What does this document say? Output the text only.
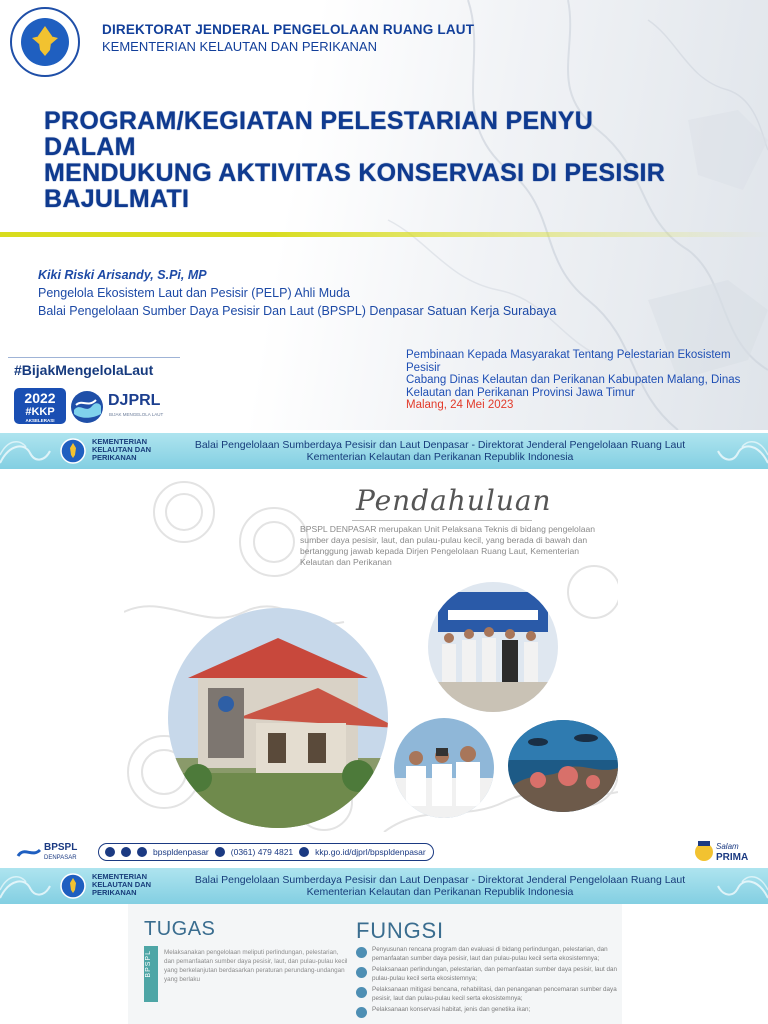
DIREKTORAT JENDERAL PENGELOLAAN RUANG LAUT
KEMENTERIAN KELAUTAN DAN PERIKANAN
PROGRAM/KEGIATAN PELESTARIAN PENYU DALAM
MENDUKUNG AKTIVITAS KONSERVASI DI PESISIR
BAJULMATI
Kiki Riski Arisandy, S.Pi, MP
Pengelola Ekosistem Laut dan Pesisir (PELP) Ahli Muda
Balai Pengelolaan Sumber Daya Pesisir Dan Laut (BPSPL) Denpasar Satuan Kerja Surabaya
#BijakMengelolaLaut
2022
#KKP
AKSELERASI
DJPRL
BIJAK MENGELOLA LAUT
Pembinaan Kepada Masyarakat Tentang Pelestarian Ekosistem
Pesisir
Cabang Dinas Kelautan dan Perikanan Kabupaten Malang, Dinas
Kelautan dan Perikanan Provinsi Jawa Timur
Malang, 24 Mei 2023
KEMENTERIAN
KELAUTAN DAN
PERIKANAN
Balai Pengelolaan Sumberdaya Pesisir dan Laut Denpasar - Direktorat Jenderal Pengelolaan Ruang Laut
Kementerian Kelautan dan Perikanan Republik Indonesia
Pendahuluan
BPSPL DENPASAR merupakan Unit Pelaksana Teknis di bidang pengelolaan sumber daya pesisir, laut, dan pulau-pulau kecil, yang berada di bawah dan bertanggung jawab kepada Dirjen Pengelolaan Ruang Laut, Kementerian Kelautan dan Perikanan
BPSPL
DENPASAR
bpspldenpasar	(0361) 479 4821	kkp.go.id/djprl/bpspldenpasar
Salam
PRIMA
KEMENTERIAN
KELAUTAN DAN
PERIKANAN
Balai Pengelolaan Sumberdaya Pesisir dan Laut Denpasar - Direktorat Jenderal Pengelolaan Ruang Laut
Kementerian Kelautan dan Perikanan Republik Indonesia
TUGAS	FUNGSI
BPSPL Melaksanakan pengelolaan meliputi perlindungan, pelestarian, dan pemanfaatan sumber daya pesisir, laut, dan pulau-pulau kecil yang berkelanjutan berdasarkan peraturan perundang-undangan yang berlaku
Penyusunan rencana program dan evaluasi di bidang perlindungan, pelestarian, dan pemanfaatan sumber daya pesisir, laut dan pulau-pulau kecil serta ekosistemnya;
Pelaksanaan perlindungan, pelestarian, dan pemanfaatan sumber daya pesisir, laut dan pulau-pulau kecil serta ekosistemnya;
Pelaksanaan mitigasi bencana, rehabilitasi, dan penanganan pencemaran sumber daya pesisir, laut dan pulau-pulau kecil serta ekosistemnya;
Pelaksanaan konservasi habitat, jenis dan genetika ikan;
